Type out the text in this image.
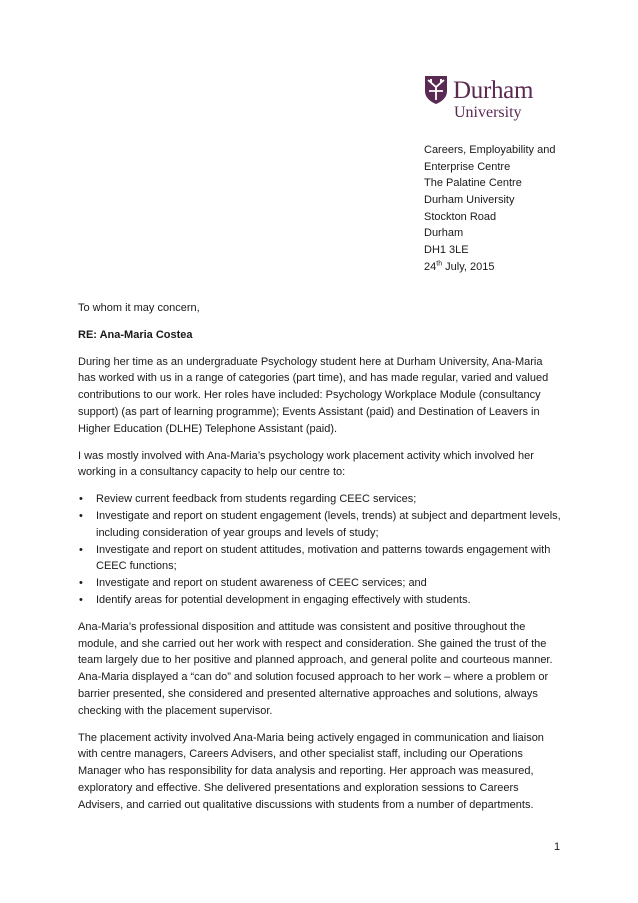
Durham
University
Careers, Employability and
Enterprise Centre
The Palatine Centre
Durham University
Stockton Road
Durham
DH1 3LE
24th July, 2015

To whom it may concern,

RE: Ana-Maria Costea

During her time as an undergraduate Psychology student here at Durham University, Ana-Maria has worked with us in a range of categories (part time), and has made regular, varied and valued contributions to our work. Her roles have included: Psychology Workplace Module (consultancy support) (as part of learning programme); Events Assistant (paid) and Destination of Leavers in Higher Education (DLHE) Telephone Assistant (paid).

I was mostly involved with Ana-Maria’s psychology work placement activity which involved her working in a consultancy capacity to help our centre to:

• Review current feedback from students regarding CEEC services;
• Investigate and report on student engagement (levels, trends) at subject and department levels, including consideration of year groups and levels of study;
• Investigate and report on student attitudes, motivation and patterns towards engagement with CEEC functions;
• Investigate and report on student awareness of CEEC services; and
• Identify areas for potential development in engaging effectively with students.

Ana-Maria’s professional disposition and attitude was consistent and positive throughout the module, and she carried out her work with respect and consideration. She gained the trust of the team largely due to her positive and planned approach, and general polite and courteous manner. Ana-Maria displayed a “can do” and solution focused approach to her work – where a problem or barrier presented, she considered and presented alternative approaches and solutions, always checking with the placement supervisor.

The placement activity involved Ana-Maria being actively engaged in communication and liaison with centre managers, Careers Advisers, and other specialist staff, including our Operations Manager who has responsibility for data analysis and reporting. Her approach was measured, exploratory and effective. She delivered presentations and exploration sessions to Careers Advisers, and carried out qualitative discussions with students from a number of departments.

1
